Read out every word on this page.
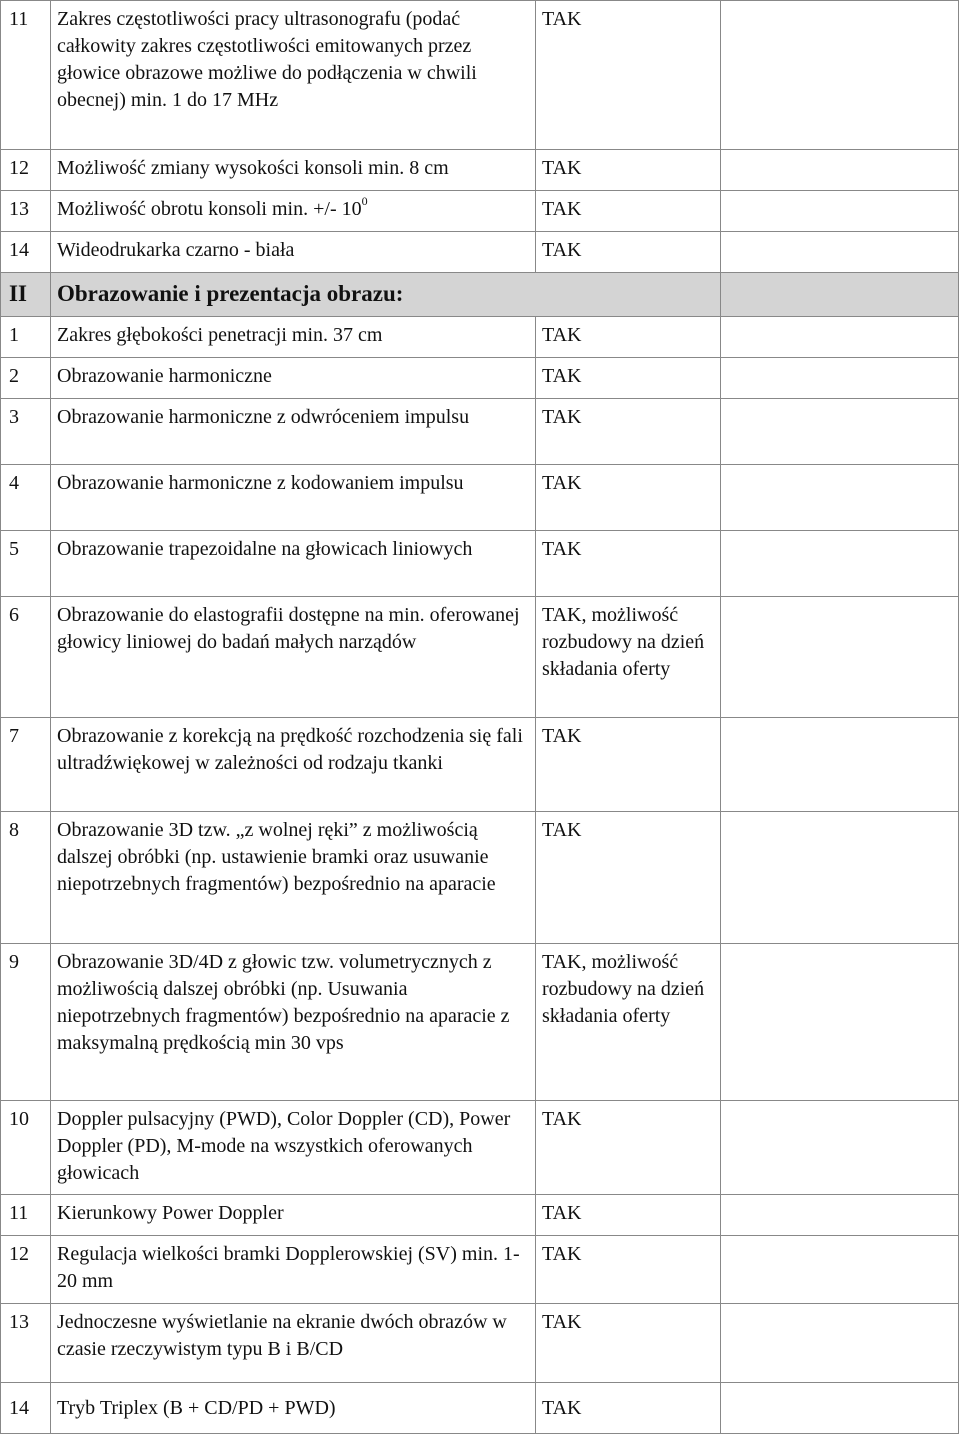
11	Zakres częstotliwości pracy ultrasonografu (podać całkowity zakres częstotliwości emitowanych przez głowice obrazowe możliwe do podłączenia w chwili obecnej) min. 1 do 17 MHz	TAK	
12	Możliwość zmiany wysokości konsoli min. 8 cm	TAK	
13	Możliwość obrotu konsoli min. +/- $10^0$	TAK	
14	Wideodrukarka czarno - biała	TAK	
II	Obrazowanie i prezentacja obrazu:		
1	Zakres głębokości penetracji min. 37 cm	TAK	
2	Obrazowanie harmoniczne	TAK	
3	Obrazowanie harmoniczne z odwróceniem impulsu	TAK	
4	Obrazowanie harmoniczne z kodowaniem impulsu	TAK	
5	Obrazowanie trapezoidalne na głowicach liniowych	TAK	
6	Obrazowanie do elastografii dostępne na min. oferowanej głowicy liniowej do badań małych narządów	TAK, możliwość rozbudowy na dzień składania oferty	
7	Obrazowanie z korekcją na prędkość rozchodzenia się fali ultradźwiękowej w zależności od rodzaju tkanki	TAK	
8	Obrazowanie 3D tzw. „z wolnej ręki” z możliwością dalszej obróbki (np. ustawienie bramki oraz usuwanie niepotrzebnych fragmentów) bezpośrednio na aparacie	TAK	
9	Obrazowanie 3D/4D z głowic tzw. volumetrycznych z możliwością dalszej obróbki (np. Usuwania niepotrzebnych fragmentów) bezpośrednio na aparacie z maksymalną prędkością min 30 vps	TAK, możliwość rozbudowy na dzień składania oferty	
10	Doppler pulsacyjny (PWD), Color Doppler (CD), Power Doppler (PD), M-mode na wszystkich oferowanych głowicach	TAK	
11	Kierunkowy Power Doppler	TAK	
12	Regulacja wielkości bramki Dopplerowskiej (SV) min. 1-20 mm	TAK	
13	Jednoczesne wyświetlanie na ekranie dwóch obrazów w czasie rzeczywistym typu B i B/CD	TAK	
14	Tryb Triplex (B + CD/PD + PWD)	TAK	
